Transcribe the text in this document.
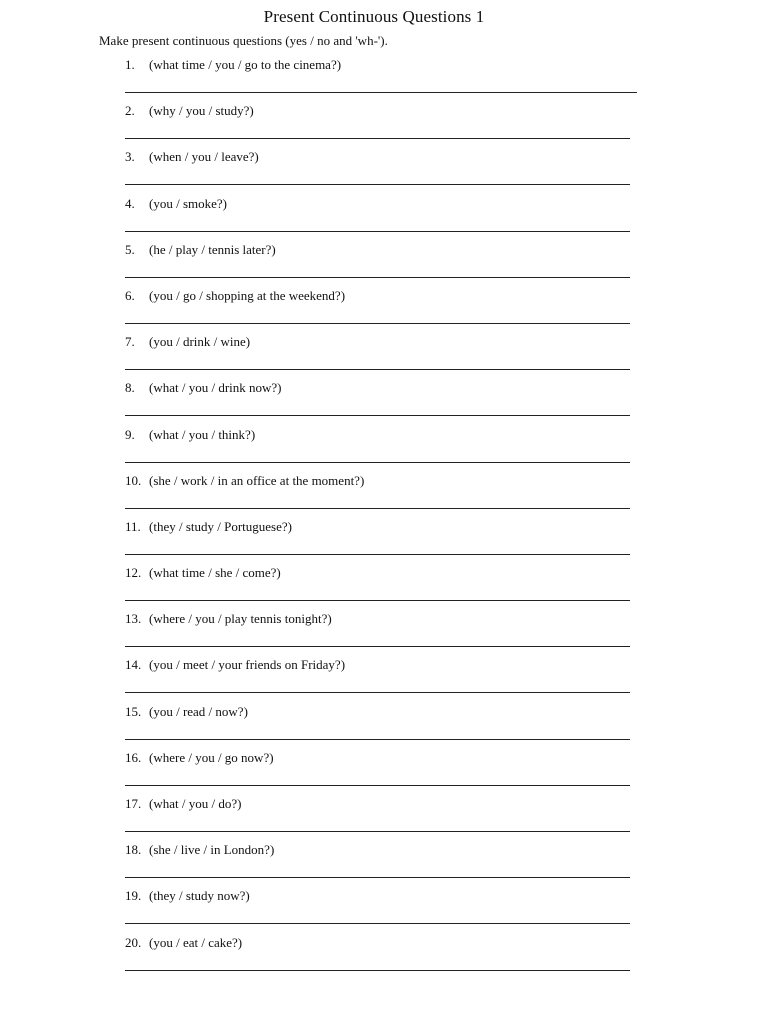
Present Continuous Questions 1
Make present continuous questions (yes / no and 'wh-').
1. (what time / you / go to the cinema?)
2. (why / you / study?)
3. (when / you / leave?)
4. (you / smoke?)
5. (he / play / tennis later?)
6. (you / go / shopping at the weekend?)
7. (you / drink / wine)
8. (what / you / drink now?)
9. (what / you / think?)
10. (she / work / in an office at the moment?)
11. (they / study / Portuguese?)
12. (what time / she / come?)
13. (where / you / play tennis tonight?)
14. (you / meet / your friends on Friday?)
15. (you / read / now?)
16. (where / you / go now?)
17. (what / you / do?)
18. (she / live / in London?)
19. (they / study now?)
20. (you / eat / cake?)
